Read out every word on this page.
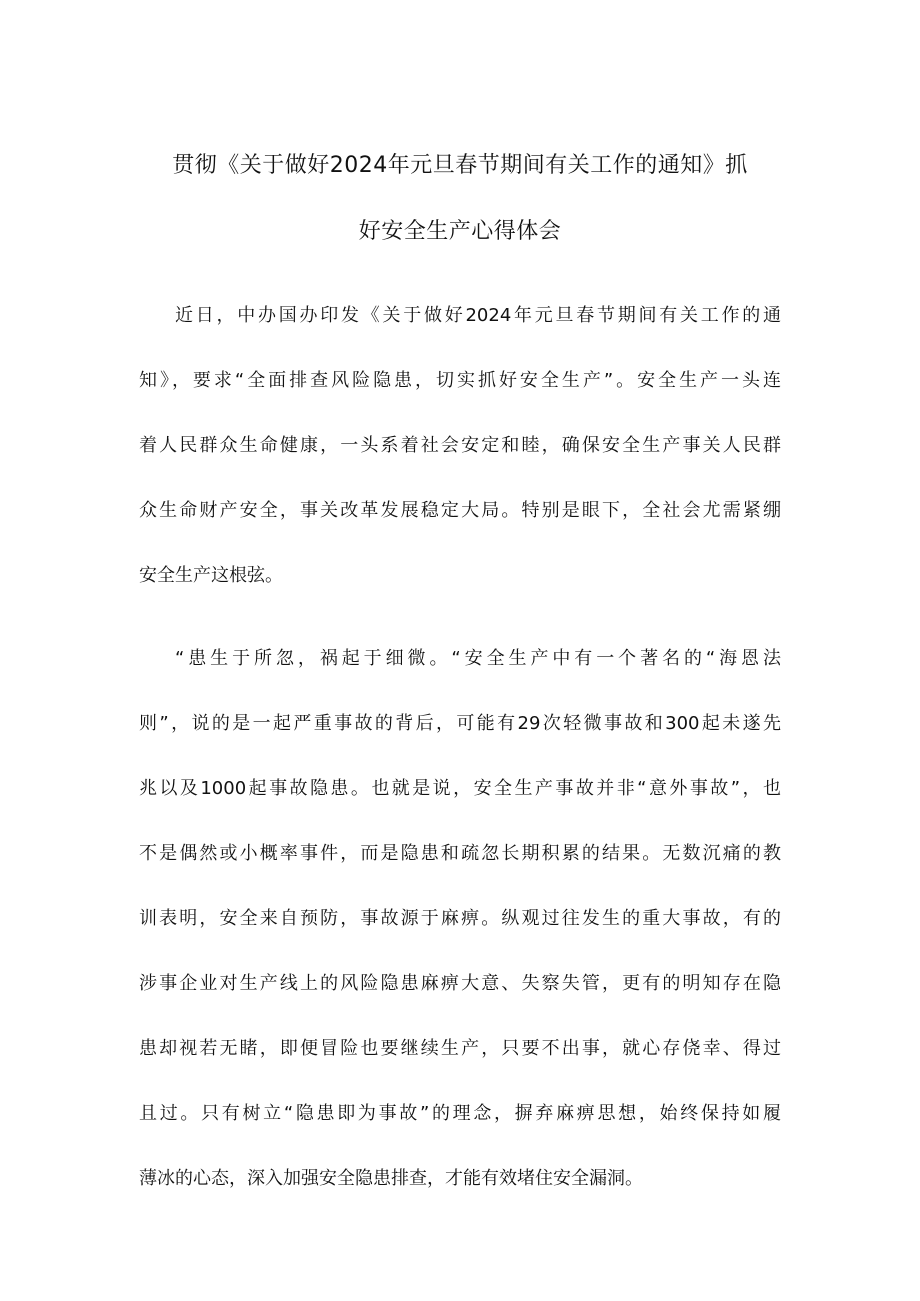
贯彻《关于做好2024年元旦春节期间有关工作的通知》抓
好安全生产心得体会
近日，中办国办印发《关于做好2024年元旦春节期间有关工作的通
知》，要求“全面排查风险隐患，切实抓好安全生产”。安全生产一头连
着人民群众生命健康，一头系着社会安定和睦，确保安全生产事关人民群
众生命财产安全，事关改革发展稳定大局。特别是眼下，全社会尤需紧绷
安全生产这根弦。
“患生于所忽，祸起于细微。“安全生产中有一个著名的“海恩法
则”，说的是一起严重事故的背后，可能有29次轻微事故和300起未遂先
兆以及1000起事故隐患。也就是说，安全生产事故并非“意外事故”，也
不是偶然或小概率事件，而是隐患和疏忽长期积累的结果。无数沉痛的教
训表明，安全来自预防，事故源于麻痹。纵观过往发生的重大事故，有的
涉事企业对生产线上的风险隐患麻痹大意、失察失管，更有的明知存在隐
患却视若无睹，即便冒险也要继续生产，只要不出事，就心存侥幸、得过
且过。只有树立“隐患即为事故”的理念，摒弃麻痹思想，始终保持如履
薄冰的心态，深入加强安全隐患排查，才能有效堵住安全漏洞。
